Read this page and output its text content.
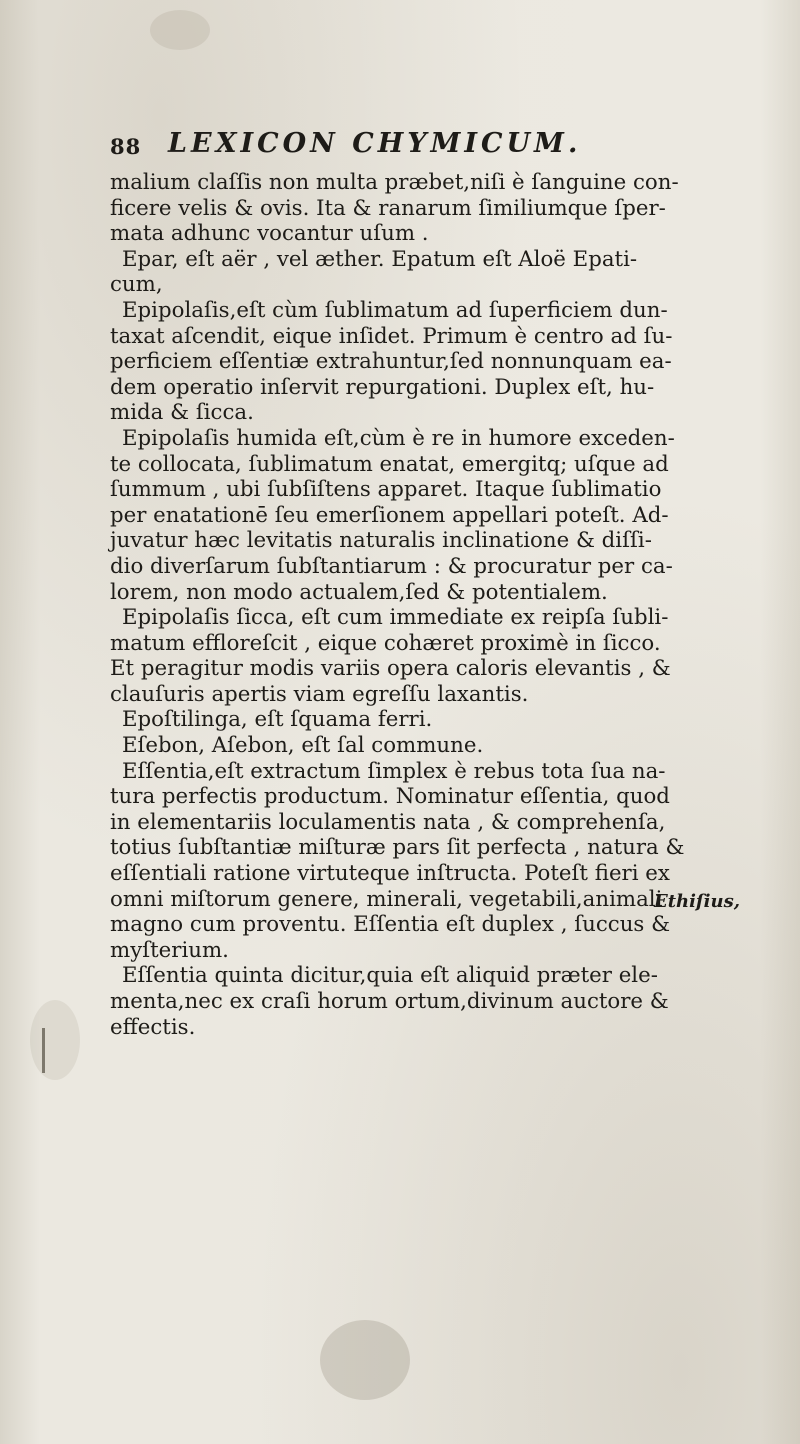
88 LEXICON CHYMICUM.
malium claſſis non multa præbet,niſi è ſanguine con-
ficere velis & ovis. Ita & ranarum ſimiliumque ſper-
mata adhunc vocantur uſum .
Epar, eſt aër , vel æther. Epatum eſt Aloë Epati-
cum,
Epipolaſis,eſt cùm ſublimatum ad ſuperficiem dun-
taxat aſcendit, eique inſidet. Primum è centro ad ſu-
perficiem eſſentiæ extrahuntur,ſed nonnunquam ea-
dem operatio inſervit repurgationi. Duplex eſt, hu-
mida & ſicca.
Epipolaſis humida eſt,cùm è re in humore exceden-
te collocata, ſublimatum enatat, emergitq; uſque ad
ſummum , ubi ſubſiſtens apparet. Itaque ſublimatio
per enatationē ſeu emerſionem appellari poteſt. Ad-
juvatur hæc levitatis naturalis inclinatione & diſſi-
dio diverſarum ſubſtantiarum : & procuratur per ca-
lorem, non modo actualem,ſed & potentialem.
Epipolaſis ſicca, eſt cum immediate ex reipſa ſubli-
matum effloreſcit , eique cohæret proximè in ſicco.
Et peragitur modis variis opera caloris elevantis , &
clauſuris apertis viam egreſſu laxantis.
Epoſtilinga, eſt ſquama ferri.
Eſebon, Aſebon, eſt ſal commune.
Eſſentia,eſt extractum ſimplex è rebus tota ſua na-
tura perfectis productum. Nominatur eſſentia, quod
in elementariis loculamentis nata , & comprehenſa,
totius ſubſtantiæ miſturæ pars ſit perfecta , natura &
eſſentiali ratione virtuteque inſtructa. Poteſt fieri ex
omni miſtorum genere, minerali, vegetabili,animali
magno cum proventu. Eſſentia eſt duplex , ſuccus &
myſterium.
Eſſentia quinta dicitur,quia eſt aliquid præter ele-
menta,nec ex craſi horum ortum,divinum auctore &
effectis.
Ethiſius,
